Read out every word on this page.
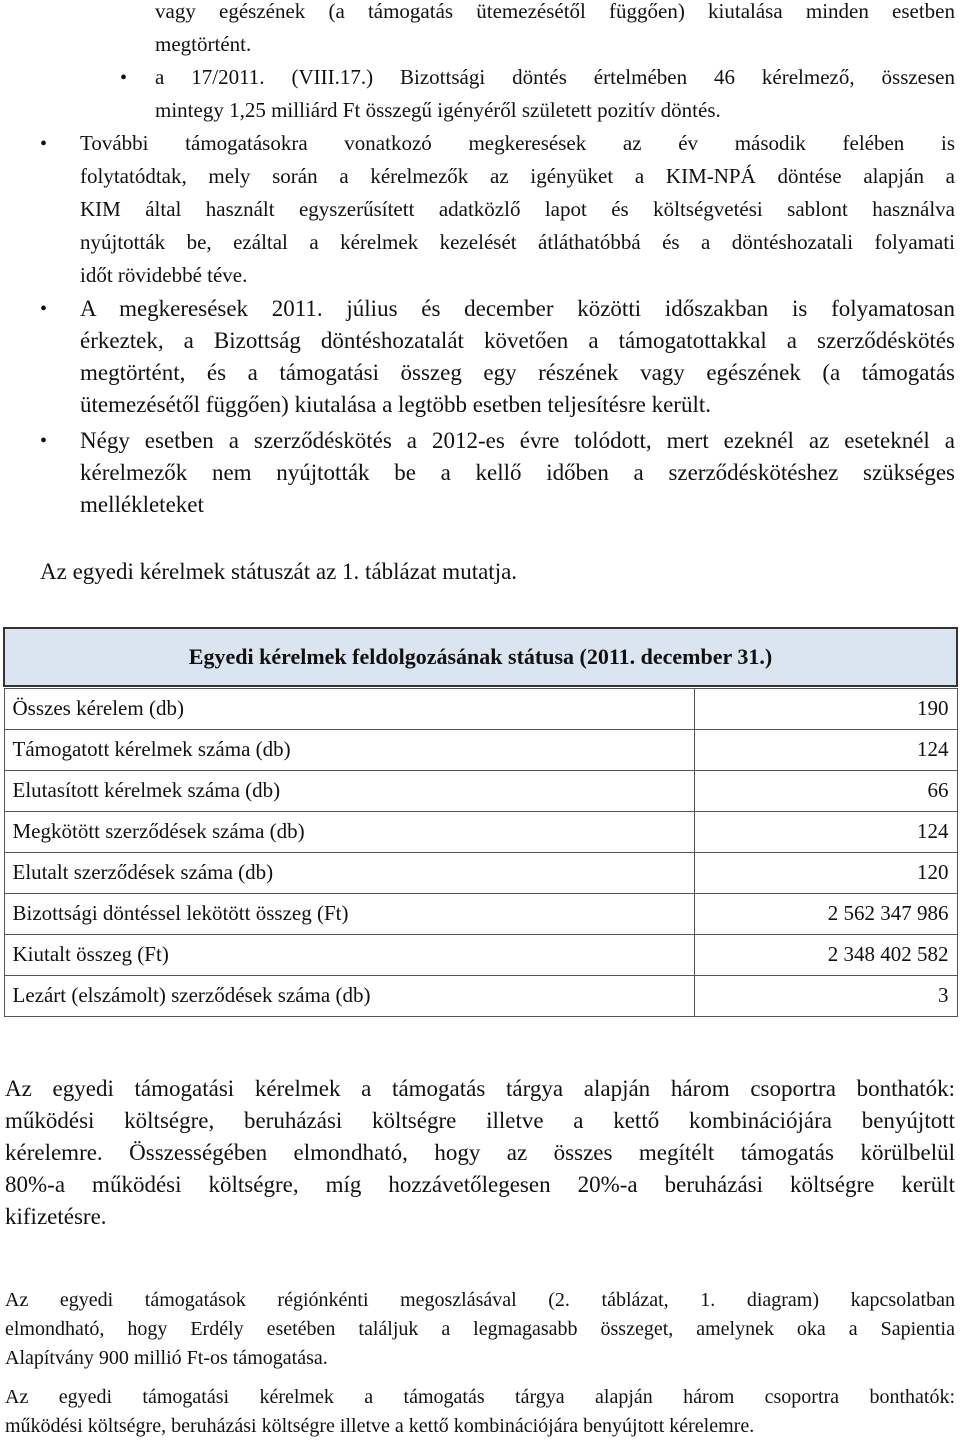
vagy egészének (a támogatás ütemezésétől függően) kiutalása minden esetben
megtörtént.
• a 17/2011. (VIII.17.) Bizottsági döntés értelmében 46 kérelmező, összesen
mintegy 1,25 milliárd Ft összegű igényéről született pozitív döntés.
• További támogatásokra vonatkozó megkeresések az év második felében is
folytatódtak, mely során a kérelmezők az igényüket a KIM-NPÁ döntése alapján a
KIM által használt egyszerűsített adatközlő lapot és költségvetési sablont használva
nyújtották be, ezáltal a kérelmek kezelését átláthatóbbá és a döntéshozatali folyamati
időt rövidebbé téve.
• A megkeresések 2011. július és december közötti időszakban is folyamatosan
érkeztek, a Bizottság döntéshozatalát követően a támogatottakkal a szerződéskötés
megtörtént, és a támogatási összeg egy részének vagy egészének (a támogatás
ütemezésétől függően) kiutalása a legtöbb esetben teljesítésre került.
• Négy esetben a szerződéskötés a 2012-es évre tolódott, mert ezeknél az eseteknél a
kérelmezők nem nyújtották be a kellő időben a szerződéskötéshez szükséges
mellékleteket
Az egyedi kérelmek státuszát az 1. táblázat mutatja.
Egyedi kérelmek feldolgozásának státusa (2011. december 31.)	

Összes kérelem (db)	190
Támogatott kérelmek száma (db)	124
Elutasított kérelmek száma (db)	66
Megkötött szerződések száma (db)	124
Elutalt szerződések száma (db)	120
Bizottsági döntéssel lekötött összeg (Ft)	2 562 347 986
Kiutalt összeg (Ft)	2 348 402 582
Lezárt (elszámolt) szerződések száma (db)	3
Az egyedi támogatási kérelmek a támogatás tárgya alapján három csoportra bonthatók:
működési költségre, beruházási költségre illetve a kettő kombinációjára benyújtott
kérelemre. Összességében elmondható, hogy az összes megítélt támogatás körülbelül
80%-a működési költségre, míg hozzávetőlegesen 20%-a beruházási költségre került
kifizetésre.
Az egyedi támogatások régiónkénti megoszlásával (2. táblázat, 1. diagram) kapcsolatban
elmondható, hogy Erdély esetében találjuk a legmagasabb összeget, amelynek oka a Sapientia
Alapítvány 900 millió Ft-os támogatása.
Az egyedi támogatási kérelmek a támogatás tárgya alapján három csoportra bonthatók:
működési költségre, beruházási költségre illetve a kettő kombinációjára benyújtott kérelemre.
